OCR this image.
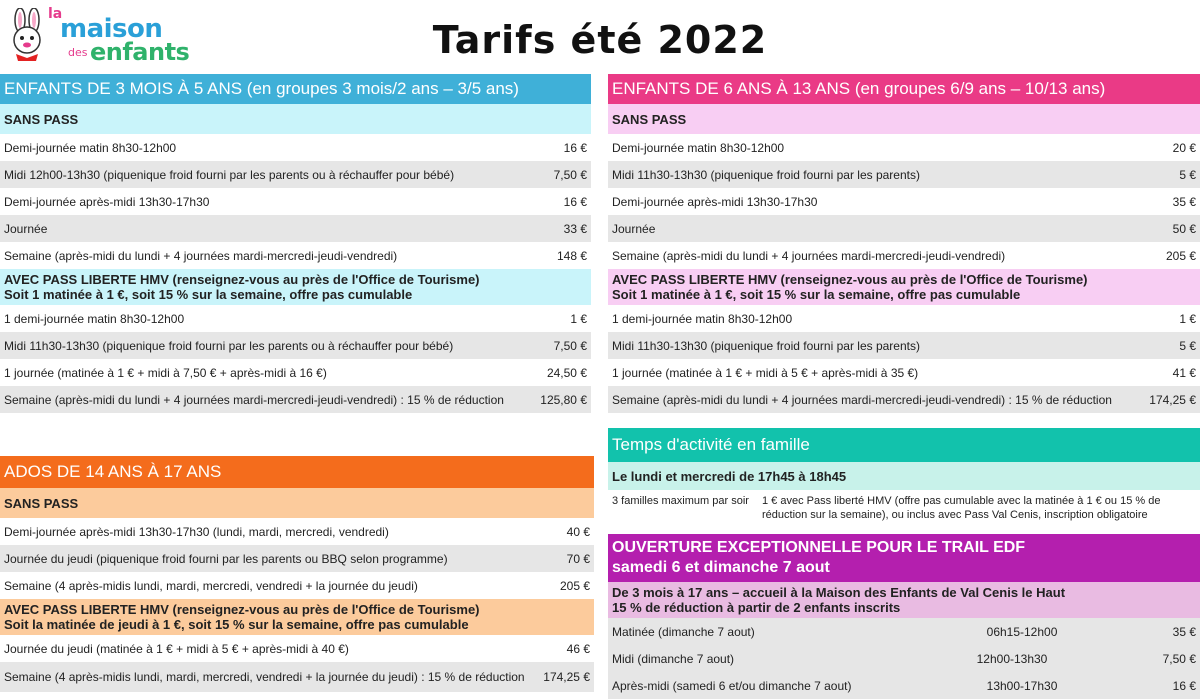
la
maison
des enfants	Tarifs été 2022
ENFANTS DE 3 MOIS À 5 ANS (en groupes 3 mois/2 ans – 3/5 ans)
SANS PASS
Demi-journée matin 8h30-12h00	16 €
Midi 12h00-13h30 (piquenique froid fourni par les parents ou à réchauffer pour bébé)	7,50 €
Demi-journée après-midi 13h30-17h30	16 €
Journée	33 €
Semaine (après-midi du lundi + 4 journées mardi-mercredi-jeudi-vendredi)	148 €
AVEC PASS LIBERTE HMV (renseignez-vous au près de l'Office de Tourisme)
Soit 1 matinée à 1 €, soit 15 % sur la semaine, offre pas cumulable
1 demi-journée matin 8h30-12h00	1 €
Midi 11h30-13h30 (piquenique froid fourni par les parents ou à réchauffer pour bébé)	7,50 €
1 journée (matinée à 1 € + midi à 7,50 € + après-midi à 16 €)	24,50 €
Semaine (après-midi du lundi + 4 journées mardi-mercredi-jeudi-vendredi) : 15 % de réduction	125,80 €
ENFANTS DE 6 ANS À 13 ANS (en groupes 6/9 ans – 10/13 ans)
SANS PASS
Demi-journée matin 8h30-12h00	20 €
Midi 11h30-13h30 (piquenique froid fourni par les parents)	5 €
Demi-journée après-midi 13h30-17h30	35 €
Journée	50 €
Semaine (après-midi du lundi + 4 journées mardi-mercredi-jeudi-vendredi)	205 €
AVEC PASS LIBERTE HMV (renseignez-vous au près de l'Office de Tourisme)
Soit 1 matinée à 1 €, soit 15 % sur la semaine, offre pas cumulable
1 demi-journée matin 8h30-12h00	1 €
Midi 11h30-13h30 (piquenique froid fourni par les parents)	5 €
1 journée (matinée à 1 € + midi à 5 € + après-midi à 35 €)	41 €
Semaine (après-midi du lundi + 4 journées mardi-mercredi-jeudi-vendredi) : 15 % de réduction	174,25 €
ADOS DE 14 ANS À 17 ANS
SANS PASS
Demi-journée après-midi 13h30-17h30 (lundi, mardi, mercredi, vendredi)	40 €
Journée du jeudi (piquenique froid fourni par les parents ou BBQ selon programme)	70 €
Semaine (4 après-midis lundi, mardi, mercredi, vendredi + la journée du jeudi)	205 €
AVEC PASS LIBERTE HMV (renseignez-vous au près de l'Office de Tourisme)
Soit la matinée de jeudi à 1 €, soit 15 % sur la semaine, offre pas cumulable
Journée du jeudi (matinée à 1 € + midi à 5 € + après-midi à 40 €)	46 €
Semaine (4 après-midis lundi, mardi, mercredi, vendredi + la journée du jeudi) : 15 % de réduction	174,25 €
Temps d'activité en famille
Le lundi et mercredi de 17h45 à 18h45
3 familles maximum par soir	1 € avec Pass liberté HMV (offre pas cumulable avec la matinée à 1 € ou 15 % de réduction sur la semaine), ou inclus avec Pass Val Cenis, inscription obligatoire
OUVERTURE EXCEPTIONNELLE POUR LE TRAIL EDF
samedi 6 et dimanche 7 aout
De 3 mois à 17 ans – accueil à la Maison des Enfants de Val Cenis le Haut
15 % de réduction à partir de 2 enfants inscrits
Matinée (dimanche 7 aout)	06h15-12h00	35 €
Midi (dimanche 7 aout)	12h00-13h30	7,50 €
Après-midi (samedi 6 et/ou dimanche 7 aout)	13h00-17h30	16 €
